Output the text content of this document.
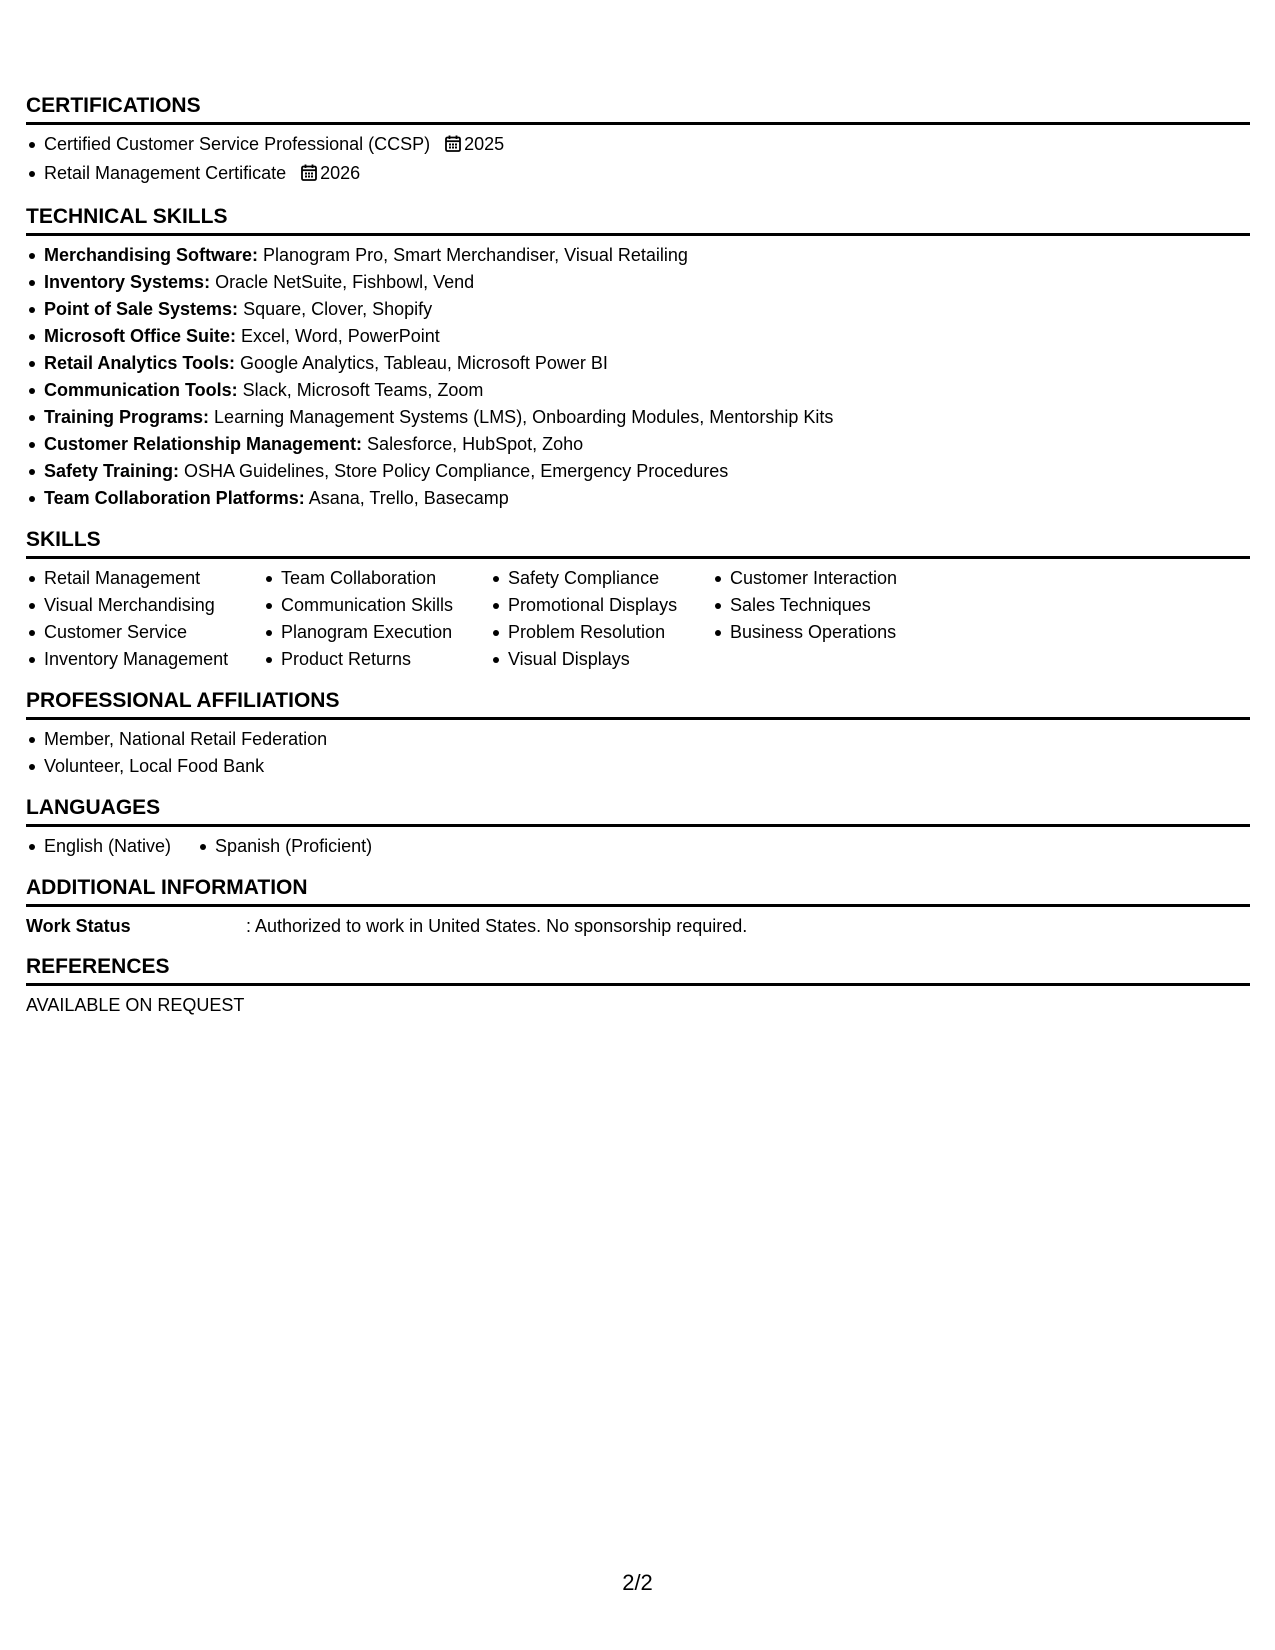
CERTIFICATIONS
Certified Customer Service Professional (CCSP) 2025
Retail Management Certificate 2026
TECHNICAL SKILLS
Merchandising Software: Planogram Pro, Smart Merchandiser, Visual Retailing
Inventory Systems: Oracle NetSuite, Fishbowl, Vend
Point of Sale Systems: Square, Clover, Shopify
Microsoft Office Suite: Excel, Word, PowerPoint
Retail Analytics Tools: Google Analytics, Tableau, Microsoft Power BI
Communication Tools: Slack, Microsoft Teams, Zoom
Training Programs: Learning Management Systems (LMS), Onboarding Modules, Mentorship Kits
Customer Relationship Management: Salesforce, HubSpot, Zoho
Safety Training: OSHA Guidelines, Store Policy Compliance, Emergency Procedures
Team Collaboration Platforms: Asana, Trello, Basecamp
SKILLS
Retail Management
Visual Merchandising
Customer Service
Inventory Management
Team Collaboration
Communication Skills
Planogram Execution
Product Returns
Safety Compliance
Promotional Displays
Problem Resolution
Visual Displays
Customer Interaction
Sales Techniques
Business Operations
PROFESSIONAL AFFILIATIONS
Member, National Retail Federation
Volunteer, Local Food Bank
LANGUAGES
English (Native)	Spanish (Proficient)
ADDITIONAL INFORMATION
Work Status	: Authorized to work in United States. No sponsorship required.
REFERENCES

AVAILABLE ON REQUEST

2/2
